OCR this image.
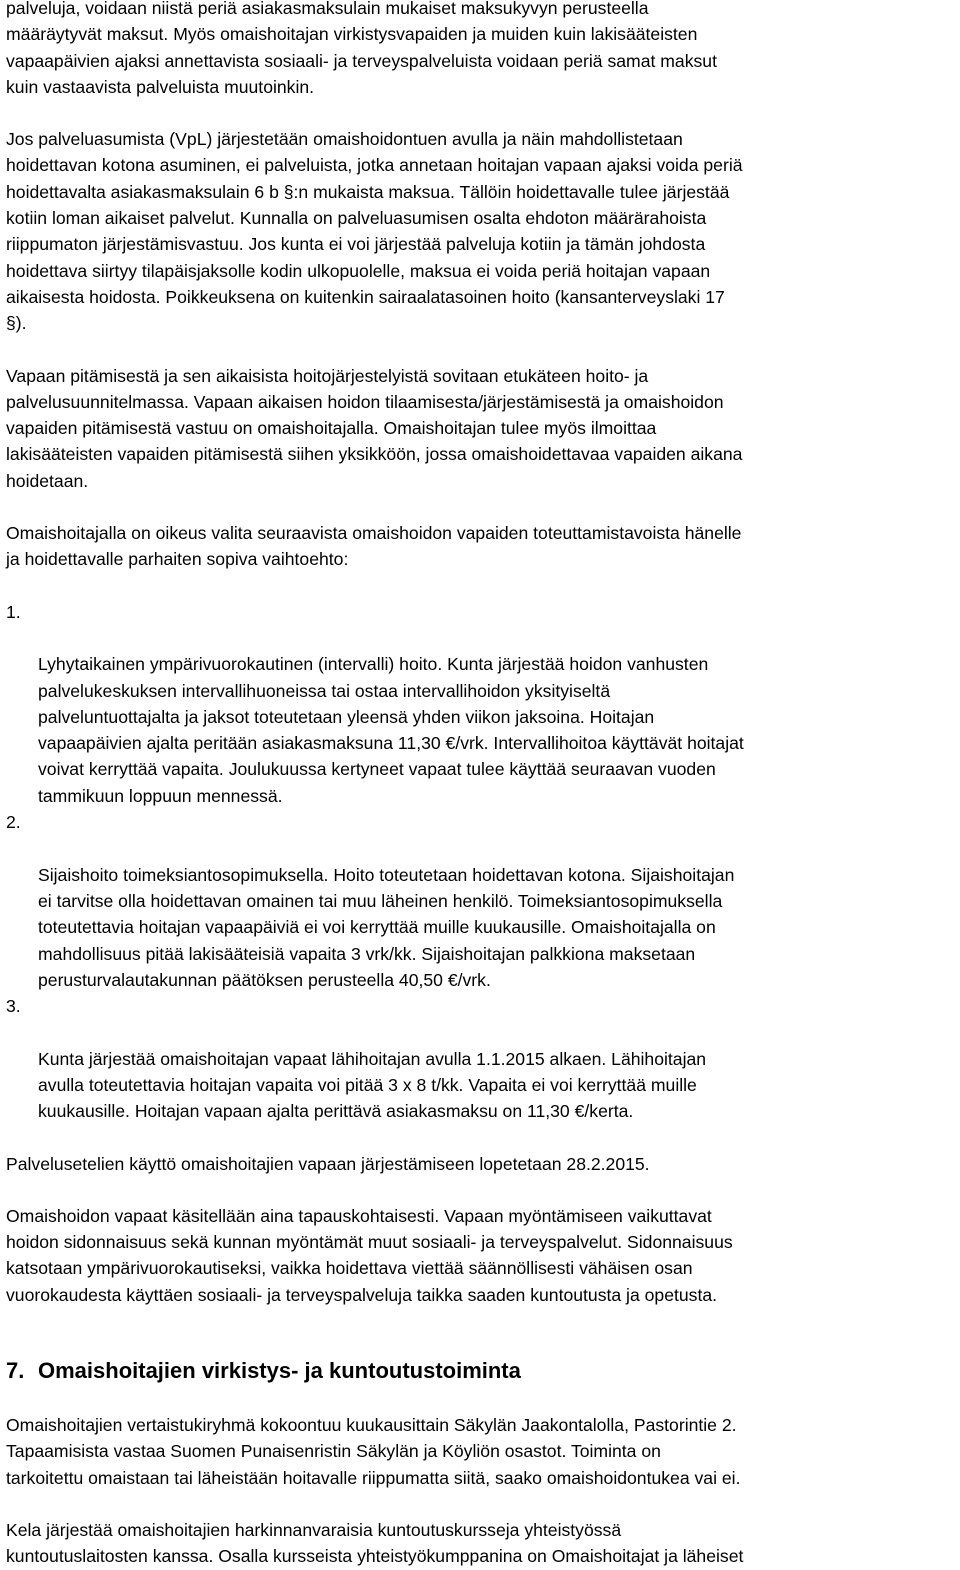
palveluja, voidaan niistä periä asiakasmaksulain mukaiset maksukyvyn perusteella
määräytyvät maksut. Myös omaishoitajan virkistysvapaiden ja muiden kuin lakisääteisten
vapaapäivien ajaksi annettavista sosiaali- ja terveyspalveluista voidaan periä samat maksut
kuin vastaavista palveluista muutoinkin.

Jos palveluasumista (VpL) järjestetään omaishoidontuen avulla ja näin mahdollistetaan
hoidettavan kotona asuminen, ei palveluista, jotka annetaan hoitajan vapaan ajaksi voida periä
hoidettavalta asiakasmaksulain 6 b §:n mukaista maksua. Tällöin hoidettavalle tulee järjestää
kotiin loman aikaiset palvelut. Kunnalla on palveluasumisen osalta ehdoton määrärahoista
riippumaton järjestämisvastuu. Jos kunta ei voi järjestää palveluja kotiin ja tämän johdosta
hoidettava siirtyy tilapäisjaksolle kodin ulkopuolelle, maksua ei voida periä hoitajan vapaan
aikaisesta hoidosta. Poikkeuksena on kuitenkin sairaalatasoinen hoito (kansanterveyslaki 17
§).

Vapaan pitämisestä ja sen aikaisista hoitojärjestelyistä sovitaan etukäteen hoito- ja
palvelusuunnitelmassa. Vapaan aikaisen hoidon tilaamisesta/järjestämisestä ja omaishoidon
vapaiden pitämisestä vastuu on omaishoitajalla. Omaishoitajan tulee myös ilmoittaa
lakisääteisten vapaiden pitämisestä siihen yksikköön, jossa omaishoidettavaa vapaiden aikana
hoidetaan.

Omaishoitajalla on oikeus valita seuraavista omaishoidon vapaiden toteuttamistavoista hänelle
ja hoidettavalle parhaiten sopiva vaihtoehto:

1.

Lyhytaikainen ympärivuorokautinen (intervalli) hoito. Kunta järjestää hoidon vanhusten
palvelukeskuksen intervallihuoneissa tai ostaa intervallihoidon yksityiseltä
palveluntuottajalta ja jaksot toteutetaan yleensä yhden viikon jaksoina. Hoitajan
vapaapäivien ajalta peritään asiakasmaksuna 11,30 €/vrk. Intervallihoitoa käyttävät hoitajat
voivat kerryttää vapaita. Joulukuussa kertyneet vapaat tulee käyttää seuraavan vuoden
tammikuun loppuun mennessä.

2.

Sijaishoito toimeksiantosopimuksella. Hoito toteutetaan hoidettavan kotona. Sijaishoitajan
ei tarvitse olla hoidettavan omainen tai muu läheinen henkilö. Toimeksiantosopimuksella
toteutettavia hoitajan vapaapäiviä ei voi kerryttää muille kuukausille. Omaishoitajalla on
mahdollisuus pitää lakisääteisiä vapaita 3 vrk/kk. Sijaishoitajan palkkiona maksetaan
perusturvalautakunnan päätöksen perusteella 40,50 €/vrk.

3.

Kunta järjestää omaishoitajan vapaat lähihoitajan avulla 1.1.2015 alkaen. Lähihoitajan
avulla toteutettavia hoitajan vapaita voi pitää 3 x 8 t/kk. Vapaita ei voi kerryttää muille
kuukausille. Hoitajan vapaan ajalta perittävä asiakasmaksu on 11,30 €/kerta.

Palvelusetelien käyttö omaishoitajien vapaan järjestämiseen lopetetaan 28.2.2015.

Omaishoidon vapaat käsitellään aina tapauskohtaisesti. Vapaan myöntämiseen vaikuttavat
hoidon sidonnaisuus sekä kunnan myöntämät muut sosiaali- ja terveyspalvelut. Sidonnaisuus
katsotaan ympärivuorokautiseksi, vaikka hoidettava viettää säännöllisesti vähäisen osan
vuorokaudesta käyttäen sosiaali- ja terveyspalveluja taikka saaden kuntoutusta ja opetusta.

7. Omaishoitajien virkistys- ja kuntoutustoiminta

Omaishoitajien vertaistukiryhmä kokoontuu kuukausittain Säkylän Jaakontalolla, Pastorintie 2.
Tapaamisista vastaa Suomen Punaisenristin Säkylän ja Köyliön osastot. Toiminta on
tarkoitettu omaistaan tai läheistään hoitavalle riippumatta siitä, saako omaishoidontukea vai ei.

Kela järjestää omaishoitajien harkinnanvaraisia kuntoutuskursseja yhteistyössä
kuntoutuslaitosten kanssa. Osalla kursseista yhteistyökumppanina on Omaishoitajat ja läheiset
